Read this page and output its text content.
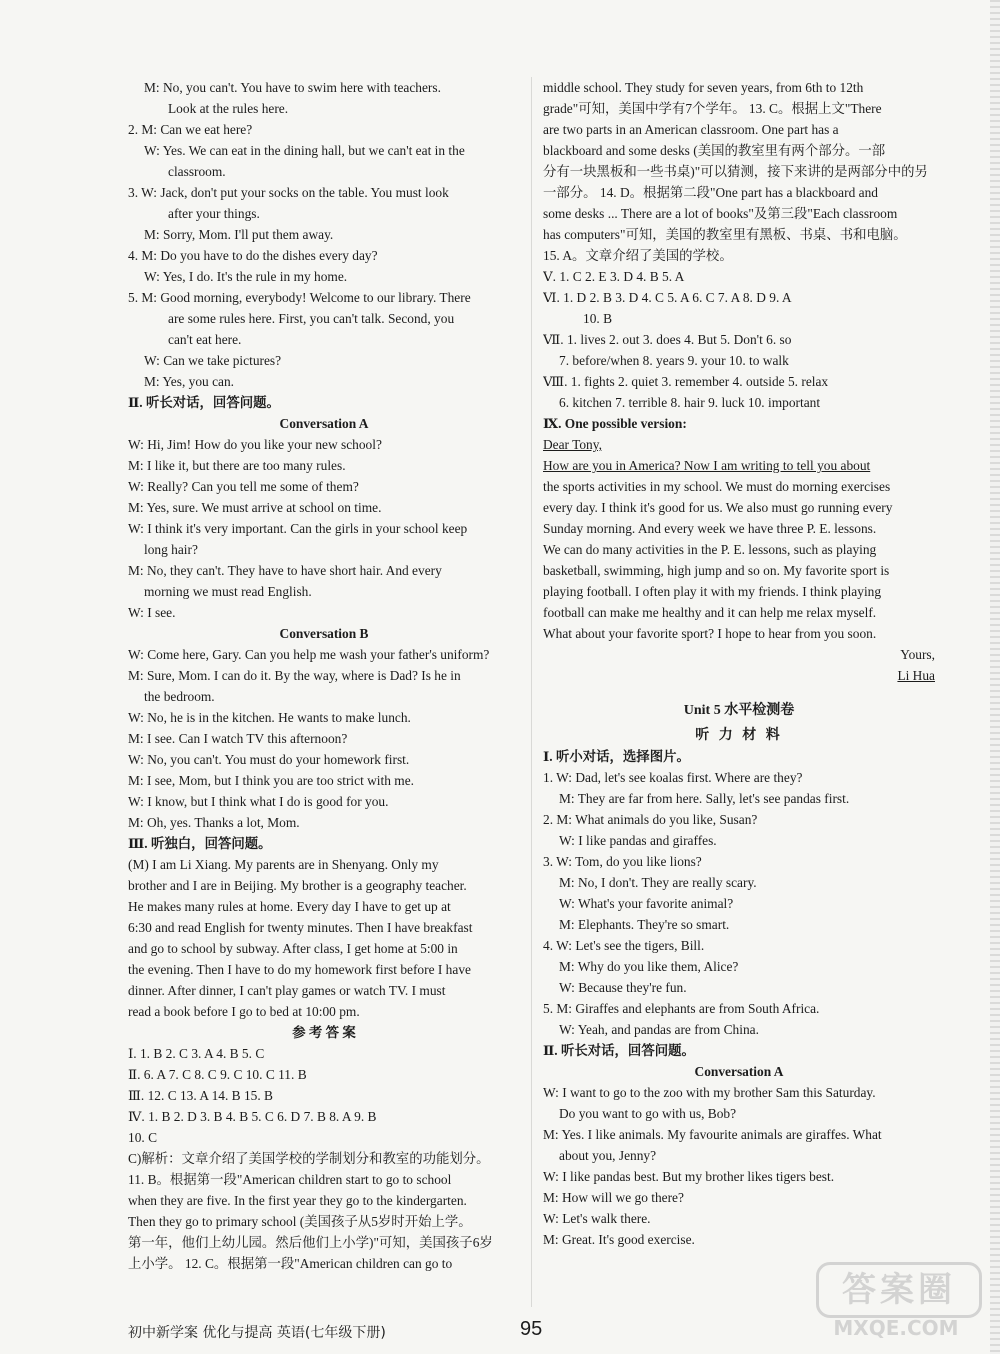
M: No, you can't. You have to swim here with teachers.
Look at the rules here.
2. M: Can we eat here?
W: Yes. We can eat in the dining hall, but we can't eat in the
classroom.
3. W: Jack, don't put your socks on the table. You must look
after your things.
M: Sorry, Mom. I'll put them away.
4. M: Do you have to do the dishes every day?
W: Yes, I do. It's the rule in my home.
5. M: Good morning, everybody! Welcome to our library. There
are some rules here. First, you can't talk. Second, you
can't eat here.
W: Can we take pictures?
M: Yes, you can.
Ⅱ. 听长对话，回答问题。
Conversation A
W: Hi, Jim! How do you like your new school?
M: I like it, but there are too many rules.
W: Really? Can you tell me some of them?
M: Yes, sure. We must arrive at school on time.
W: I think it's very important. Can the girls in your school keep
long hair?
M: No, they can't. They have to have short hair. And every
morning we must read English.
W: I see.
Conversation B
W: Come here, Gary. Can you help me wash your father's uniform?
M: Sure, Mom. I can do it. By the way, where is Dad? Is he in
the bedroom.
W: No, he is in the kitchen. He wants to make lunch.
M: I see. Can I watch TV this afternoon?
W: No, you can't. You must do your homework first.
M: I see, Mom, but I think you are too strict with me.
W: I know, but I think what I do is good for you.
M: Oh, yes. Thanks a lot, Mom.
Ⅲ. 听独白，回答问题。
(M) I am Li Xiang. My parents are in Shenyang. Only my
brother and I are in Beijing. My brother is a geography teacher.
He makes many rules at home. Every day I have to get up at
6:30 and read English for twenty minutes. Then I have breakfast
and go to school by subway. After class, I get home at 5:00 in
the evening. Then I have to do my homework first before I have
dinner. After dinner, I can't play games or watch TV. I must
read a book before I go to bed at 10:00 pm.
参 考 答 案
Ⅰ. 1. B 2. C 3. A 4. B 5. C
Ⅱ. 6. A 7. C 8. C 9. C 10. C 11. B
Ⅲ. 12. C 13. A 14. B 15. B
Ⅳ. 1. B 2. D 3. B 4. B 5. C 6. D 7. B 8. A 9. B
10. C
C)解析：文章介绍了美国学校的学制划分和教室的功能划分。
11. B。根据第一段"American children start to go to school
when they are five. In the first year they go to the kindergarten.
Then they go to primary school (美国孩子从5岁时开始上学。
第一年，他们上幼儿园。然后他们上小学)"可知，美国孩子6岁
上小学。 12. C。根据第一段"American children can go to
middle school. They study for seven years, from 6th to 12th
grade"可知，美国中学有7个学年。 13. C。根据上文"There
are two parts in an American classroom. One part has a
blackboard and some desks (美国的教室里有两个部分。一部
分有一块黑板和一些书桌)"可以猜测，接下来讲的是两部分中的另
一部分。 14. D。根据第二段"One part has a blackboard and
some desks ... There are a lot of books"及第三段"Each classroom
has computers"可知，美国的教室里有黑板、书桌、书和电脑。
15. A。文章介绍了美国的学校。
Ⅴ. 1. C 2. E 3. D 4. B 5. A
Ⅵ. 1. D 2. B 3. D 4. C 5. A 6. C 7. A 8. D 9. A
10. B
Ⅶ. 1. lives 2. out 3. does 4. But 5. Don't 6. so
7. before/when 8. years 9. your 10. to walk
Ⅷ. 1. fights 2. quiet 3. remember 4. outside 5. relax
6. kitchen 7. terrible 8. hair 9. luck 10. important
Ⅸ. One possible version:
Dear Tony,
How are you in America? Now I am writing to tell you about
the sports activities in my school. We must do morning exercises
every day. I think it's good for us. We also must go running every
Sunday morning. And every week we have three P. E. lessons.
We can do many activities in the P. E. lessons, such as playing
basketball, swimming, high jump and so on. My favorite sport is
playing football. I often play it with my friends. I think playing
football can make me healthy and it can help me relax myself.
What about your favorite sport? I hope to hear from you soon.
Yours,
Li Hua
Unit 5 水平检测卷
听 力 材 料
Ⅰ. 听小对话，选择图片。
1. W: Dad, let's see koalas first. Where are they?
M: They are far from here. Sally, let's see pandas first.
2. M: What animals do you like, Susan?
W: I like pandas and giraffes.
3. W: Tom, do you like lions?
M: No, I don't. They are really scary.
W: What's your favorite animal?
M: Elephants. They're so smart.
4. W: Let's see the tigers, Bill.
M: Why do you like them, Alice?
W: Because they're fun.
5. M: Giraffes and elephants are from South Africa.
W: Yeah, and pandas are from China.
Ⅱ. 听长对话，回答问题。
Conversation A
W: I want to go to the zoo with my brother Sam this Saturday.
Do you want to go with us, Bob?
M: Yes. I like animals. My favourite animals are giraffes. What
about you, Jenny?
W: I like pandas best. But my brother likes tigers best.
M: How will we go there?
W: Let's walk there.
M: Great. It's good exercise.
初中新学案 优化与提高 英语(七年级下册)	95
答案圈
MXQE.COM
